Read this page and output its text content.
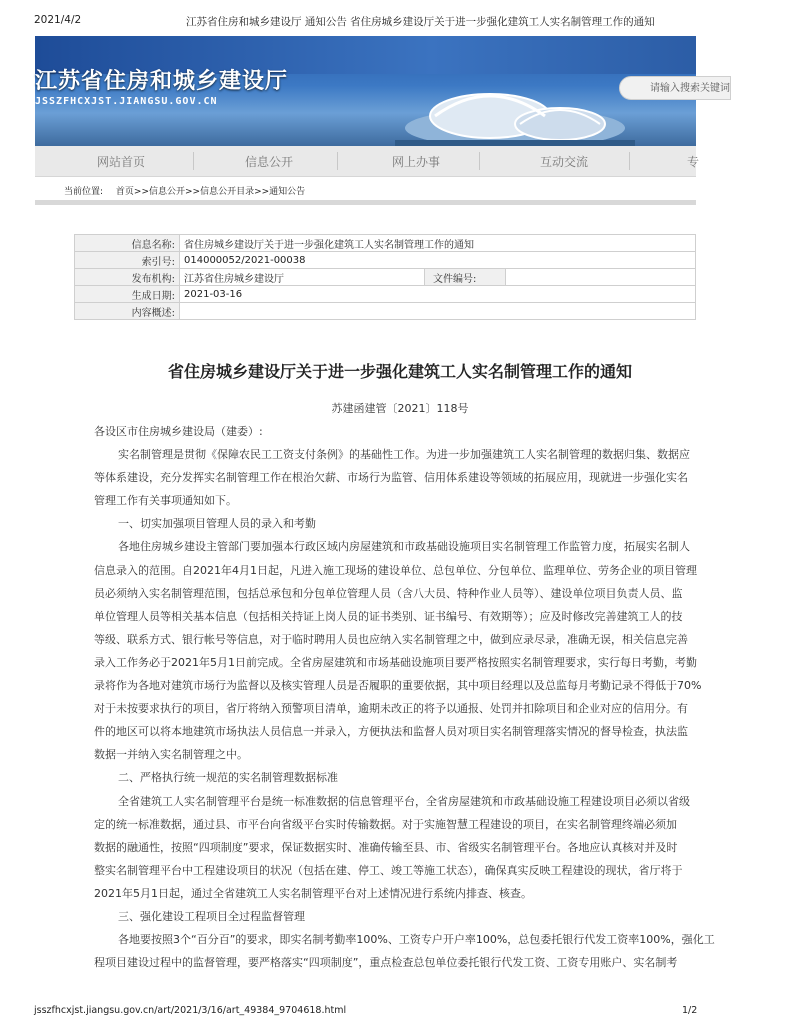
2021/4/2	江苏省住房和城乡建设厅 通知公告 省住房城乡建设厅关于进一步强化建筑工人实名制管理工作的通知
江苏省住房和城乡建设厅
JSSZFHCXJST.JIANGSU.GOV.CN
请输入搜索关键词
网站首页	信息公开	网上办事	互动交流	专
当前位置: 首页>>信息公开>>信息公开目录>>通知公告
信息名称:	省住房城乡建设厅关于进一步强化建筑工人实名制管理工作的通知		
索引号:	014000052/2021-00038		
发布机构:	江苏省住房城乡建设厅	文件编号:	
生成日期:	2021-03-16		
内容概述:			
省住房城乡建设厅关于进一步强化建筑工人实名制管理工作的通知
苏建函建管〔2021〕118号
各设区市住房城乡建设局（建委）:
实名制管理是贯彻《保障农民工工资支付条例》的基础性工作。为进一步加强建筑工人实名制管理的数据归集、数据应
等体系建设，充分发挥实名制管理工作在根治欠薪、市场行为监管、信用体系建设等领域的拓展应用，现就进一步强化实名
管理工作有关事项通知如下。
一、切实加强项目管理人员的录入和考勤
各地住房城乡建设主管部门要加强本行政区域内房屋建筑和市政基础设施项目实名制管理工作监管力度，拓展实名制人
信息录入的范围。自2021年4月1日起，凡进入施工现场的建设单位、总包单位、分包单位、监理单位、劳务企业的项目管理
员必须纳入实名制管理范围，包括总承包和分包单位管理人员（含八大员、特种作业人员等）、建设单位项目负责人员、监
单位管理人员等相关基本信息（包括相关持证上岗人员的证书类别、证书编号、有效期等）；应及时修改完善建筑工人的技
等级、联系方式、银行帐号等信息，对于临时聘用人员也应纳入实名制管理之中，做到应录尽录，准确无误，相关信息完善
录入工作务必于2021年5月1日前完成。全省房屋建筑和市场基础设施项目要严格按照实名制管理要求，实行每日考勤，考勤
录将作为各地对建筑市场行为监督以及核实管理人员是否履职的重要依据，其中项目经理以及总监每月考勤记录不得低于70%
对于未按要求执行的项目，省厅将纳入预警项目清单，逾期未改正的将予以通报、处罚并扣除项目和企业对应的信用分。有
件的地区可以将本地建筑市场执法人员信息一并录入，方便执法和监督人员对项目实名制管理落实情况的督导检查，执法监
数据一并纳入实名制管理之中。
二、严格执行统一规范的实名制管理数据标准
全省建筑工人实名制管理平台是统一标准数据的信息管理平台，全省房屋建筑和市政基础设施工程建设项目必须以省级
定的统一标准数据，通过县、市平台向省级平台实时传输数据。对于实施智慧工程建设的项目，在实名制管理终端必须加
数据的融通性，按照“四项制度”要求，保证数据实时、准确传输至县、市、省级实名制管理平台。各地应认真核对并及时
整实名制管理平台中工程建设项目的状况（包括在建、停工、竣工等施工状态），确保真实反映工程建设的现状，省厅将于
2021年5月1日起，通过全省建筑工人实名制管理平台对上述情况进行系统内排查、核查。
三、强化建设工程项目全过程监督管理
各地要按照3个“百分百”的要求，即实名制考勤率100%、工资专户开户率100%，总包委托银行代发工资率100%，强化工
程项目建设过程中的监督管理，要严格落实“四项制度”，重点检查总包单位委托银行代发工资、工资专用账户、实名制考
jsszfhcxjst.jiangsu.gov.cn/art/2021/3/16/art_49384_9704618.html	1/2
